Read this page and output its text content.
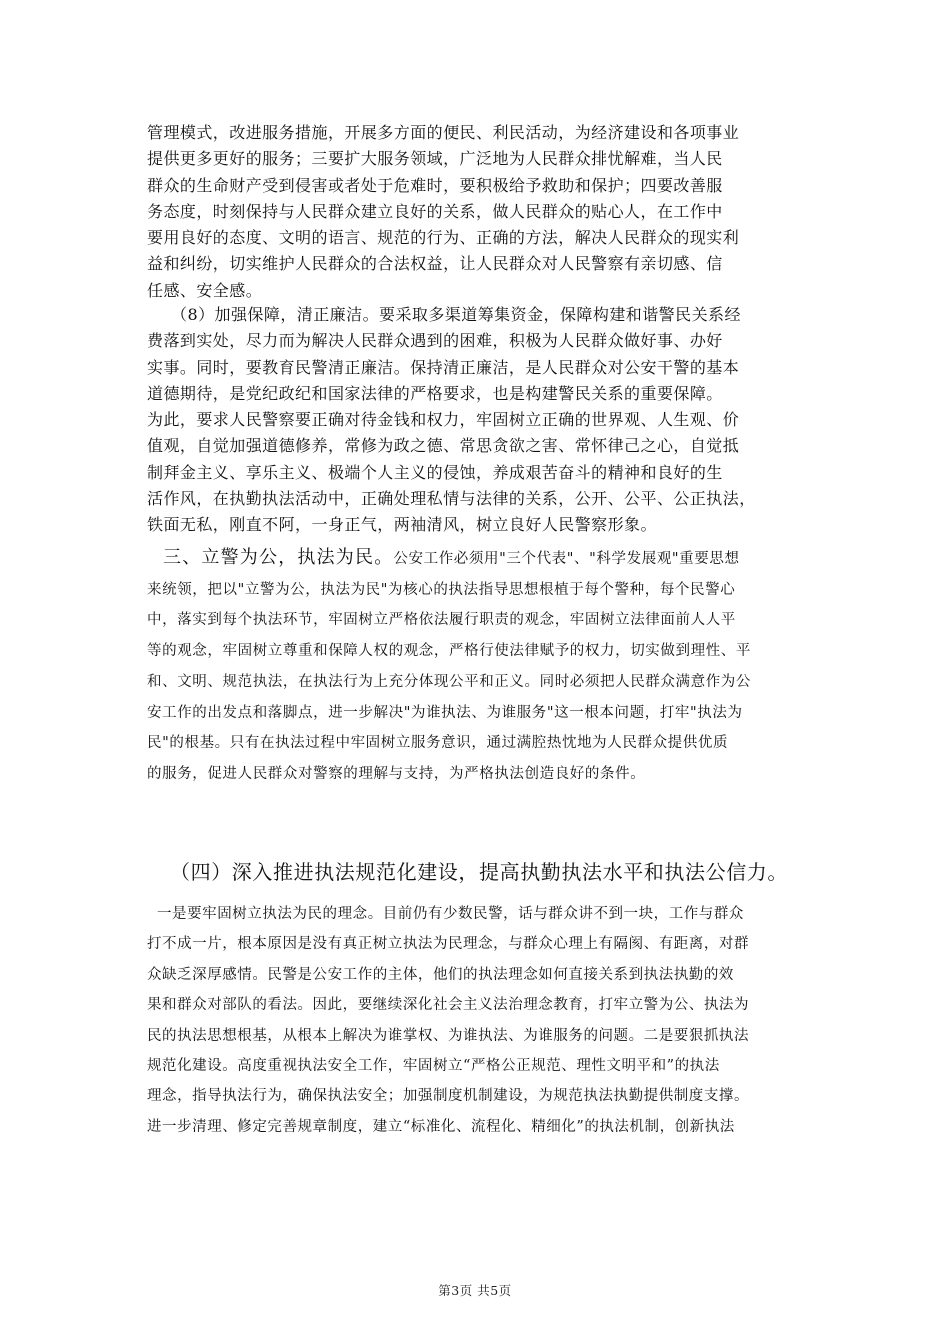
管理模式，改进服务措施，开展多方面的便民、利民活动，为经济建设和各项事业
提供更多更好的服务；三要扩大服务领域，广泛地为人民群众排忧解难，当人民
群众的生命财产受到侵害或者处于危难时，要积极给予救助和保护；四要改善服
务态度，时刻保持与人民群众建立良好的关系，做人民群众的贴心人，在工作中
要用良好的态度、文明的语言、规范的行为、正确的方法，解决人民群众的现实利
益和纠纷，切实维护人民群众的合法权益，让人民群众对人民警察有亲切感、信
任感、安全感。
（8）加强保障，清正廉洁。要采取多渠道筹集资金，保障构建和谐警民关系经
费落到实处，尽力而为解决人民群众遇到的困难，积极为人民群众做好事、办好
实事。同时，要教育民警清正廉洁。保持清正廉洁，是人民群众对公安干警的基本
道德期待，是党纪政纪和国家法律的严格要求，也是构建警民关系的重要保障。
为此，要求人民警察要正确对待金钱和权力，牢固树立正确的世界观、人生观、价
值观，自觉加强道德修养，常修为政之德、常思贪欲之害、常怀律己之心，自觉抵
制拜金主义、享乐主义、极端个人主义的侵蚀，养成艰苦奋斗的精神和良好的生
活作风，在执勤执法活动中，正确处理私情与法律的关系，公开、公平、公正执法，
铁面无私，刚直不阿，一身正气，两袖清风，树立良好人民警察形象。
三、立警为公，执法为民。公安工作必须用"三个代表"、"科学发展观"重要思想
来统领，把以"立警为公，执法为民"为核心的执法指导思想根植于每个警种，每个民警心
中，落实到每个执法环节，牢固树立严格依法履行职责的观念，牢固树立法律面前人人平
等的观念，牢固树立尊重和保障人权的观念，严格行使法律赋予的权力，切实做到理性、平
和、文明、规范执法，在执法行为上充分体现公平和正义。同时必须把人民群众满意作为公
安工作的出发点和落脚点，进一步解决"为谁执法、为谁服务"这一根本问题，打牢"执法为
民"的根基。只有在执法过程中牢固树立服务意识，通过满腔热忱地为人民群众提供优质
的服务，促进人民群众对警察的理解与支持，为严格执法创造良好的条件。
（四）深入推进执法规范化建设，提高执勤执法水平和执法公信力。
一是要牢固树立执法为民的理念。目前仍有少数民警，话与群众讲不到一块，工作与群众
打不成一片，根本原因是没有真正树立执法为民理念，与群众心理上有隔阂、有距离，对群
众缺乏深厚感情。民警是公安工作的主体，他们的执法理念如何直接关系到执法执勤的效
果和群众对部队的看法。因此，要继续深化社会主义法治理念教育，打牢立警为公、执法为
民的执法思想根基，从根本上解决为谁掌权、为谁执法、为谁服务的问题。二是要狠抓执法
规范化建设。高度重视执法安全工作，牢固树立“严格公正规范、理性文明平和”的执法
理念，指导执法行为，确保执法安全；加强制度机制建设，为规范执法执勤提供制度支撑。
进一步清理、修定完善规章制度，建立“标准化、流程化、精细化”的执法机制，创新执法
第3页 共5页
